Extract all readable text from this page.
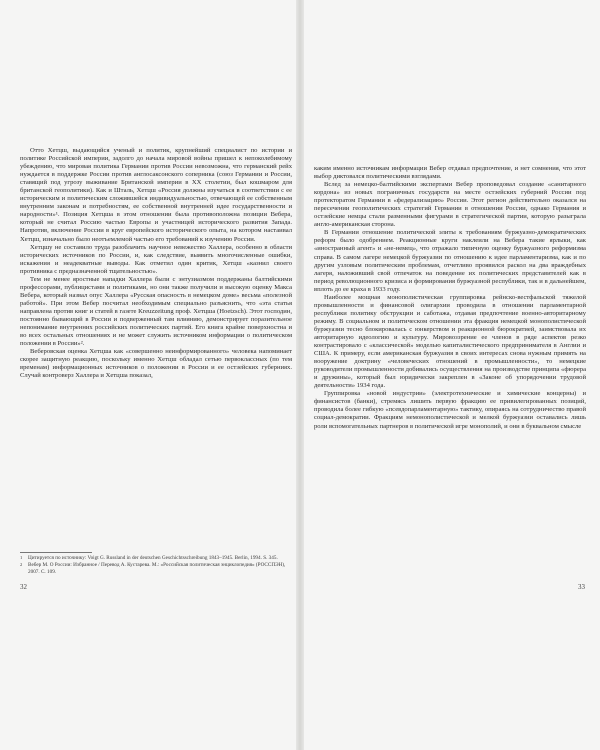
Отто Хетцш, выдающийся ученый и политик, крупнейший специалист по истории и политике Российской империи, задолго до начала мировой войны пришел к непоколебимому убеждению, что мировая политика Германии против России невозможна, что германский рейх нуждается в поддержке России против англосаксонского соперника (союз Германии и России, ставящий под угрозу выживание Британской империи в XX столетии, был кошмаром для британской геополитики). Как и Шталь, Хетцш «Россия должны изучаться в соответствии с ее историческим и политическим сложившейся индивидуальностью, отвечающей ее собственным внутренним законам и потребностям, ее собственной внутренней идее государственности и народности»¹. Позиция Хетцша в этом отношении была противоположна позиции Вебера, который не считал Россию частью Европы и участницей исторического развития Запада. Напротив, включение России в круг европейского исторического опыта, на котором настаивал Хетцш, изначально было неотъемлемой частью его требований к изучению России.

Хетцшу не составило труда разоблачить научное невежество Халлера, особенно в области исторических источников по России, и, как следствие, выявить многочисленные ошибки, искажения и неадекватные выводы. Как отметил один критик, Хетцш «казнил своего противника с предназначенной тщательностью».

Тем не менее яростные нападки Халлера были с энтузиазмом поддержаны балтийскими профессорами, публицистами и политиками, но они также получили и высокую оценку Макса Вебера, который назвал опус Халлера «Русская опасность в немецком доме» весьма «полезной работой». При этом Вебер посчитал необходимым специально разъяснить, что «эта статья направлена против книг и статей в газете Kreuzzeitung проф. Хетцша (Hoetzsch). Этот господин, постоянно бывающий в России и подверженный там влиянию, демонстрирует поразительное непонимание внутренних российских политических партий. Его книга крайне поверхностна и во всех остальных отношениях и не может служить источником информации о политическом положении в России»².

Веберовская оценка Хетцша как «совершенно неинформированного» человека напоминает скорее защитную реакцию, поскольку именно Хетцш обладал сетью первоклассных (по тем временам) информационных источников о положении в России и ее остзейских губерниях. Случай контроверз Халлера и Хетцша показал,

1	Цитируется по источнику: Voigt G. Russland in der deutschen Geschichtsschreibung 1843–1945. Berlin, 1994. S. 345.
2	Вебер М. О России: Избранное / Перевод А. Кустарева. М.: «Российская политическая энциклопедия» (РОССПЭН), 2007. С. 109.
32

каким именно источникам информации Вебер отдавал предпочтение, и нет сомнения, что этот выбор диктовался политическими взглядами.

Вслед за немецко-балтийскими экспертами Вебер проповедовал создание «санитарного кордона» из новых пограничных государств на месте остзейских губерний России под протекторатом Германии в «федерализацию» России. Этот регион действительно оказался на пересечении геополитических стратегий Германии в отношении России, однако Германия и остзейские немцы стали разменными фигурами в стратегической партии, которую разыграла англо-американская сторона.

В Германии отношение политической элиты к требованиям буржуазно-демократических реформ было одобрением. Реакционные круги наклеили на Вебера такие ярлыки, как «иностранный агент» и «не-немец», что отражало типичную оценку буржуазного реформизма справа. В самом лагере немецкой буржуазии по отношению к идее парламентаризма, как и по другим узловым политическим проблемам, отчетливо проявился раскол на два враждебных лагеря, наложивший свой отпечаток на поведение их политических представителей как в период революционного кризиса и формирования буржуазной республики, так и в дальнейшем, вплоть до ее краха в 1933 году.

Наиболее мощная монополистическая группировка рейнско-вестфальской тяжелой промышленности и финансовой олигархии проводила в отношении парламентарной республики политику обструкции и саботажа, отдавая предпочтение военно-авторитарному режиму. В социальном и политическом отношении эта фракция немецкой монополистической буржуазии тесно блокировалась с юнкерством и реакционной бюрократией, заимствовала их авторитарную идеологию и культуру. Мировоззрение ее членов в ряде аспектов резко контрастировало с «классической» моделью капиталистического предпринимателя в Англии и США. К примеру, если американская буржуазия в своих интересах снова нужным примять на вооружение доктрину «человеческих отношений в промышленности», то немецкие руководители промышленности добивались осуществления на производстве принципа «фюрера и дружины», который был юридически закреплен в «Законе об упорядочении трудовой деятельности» 1934 года.

Группировка «новой индустрии» (электротехнические и химические концерны) и финансистов (банки), стремясь лишить первую фракцию ее привилегированных позиций, проводила более гибкую «псевдопарламентарную» тактику, опираясь на сотрудничество правой социал-демократии. Фракциям немонополистической и мелкой буржуазии оставались лишь роли вспомогательных партнеров в политической игре монополий, и они в буквальном смысле

33
